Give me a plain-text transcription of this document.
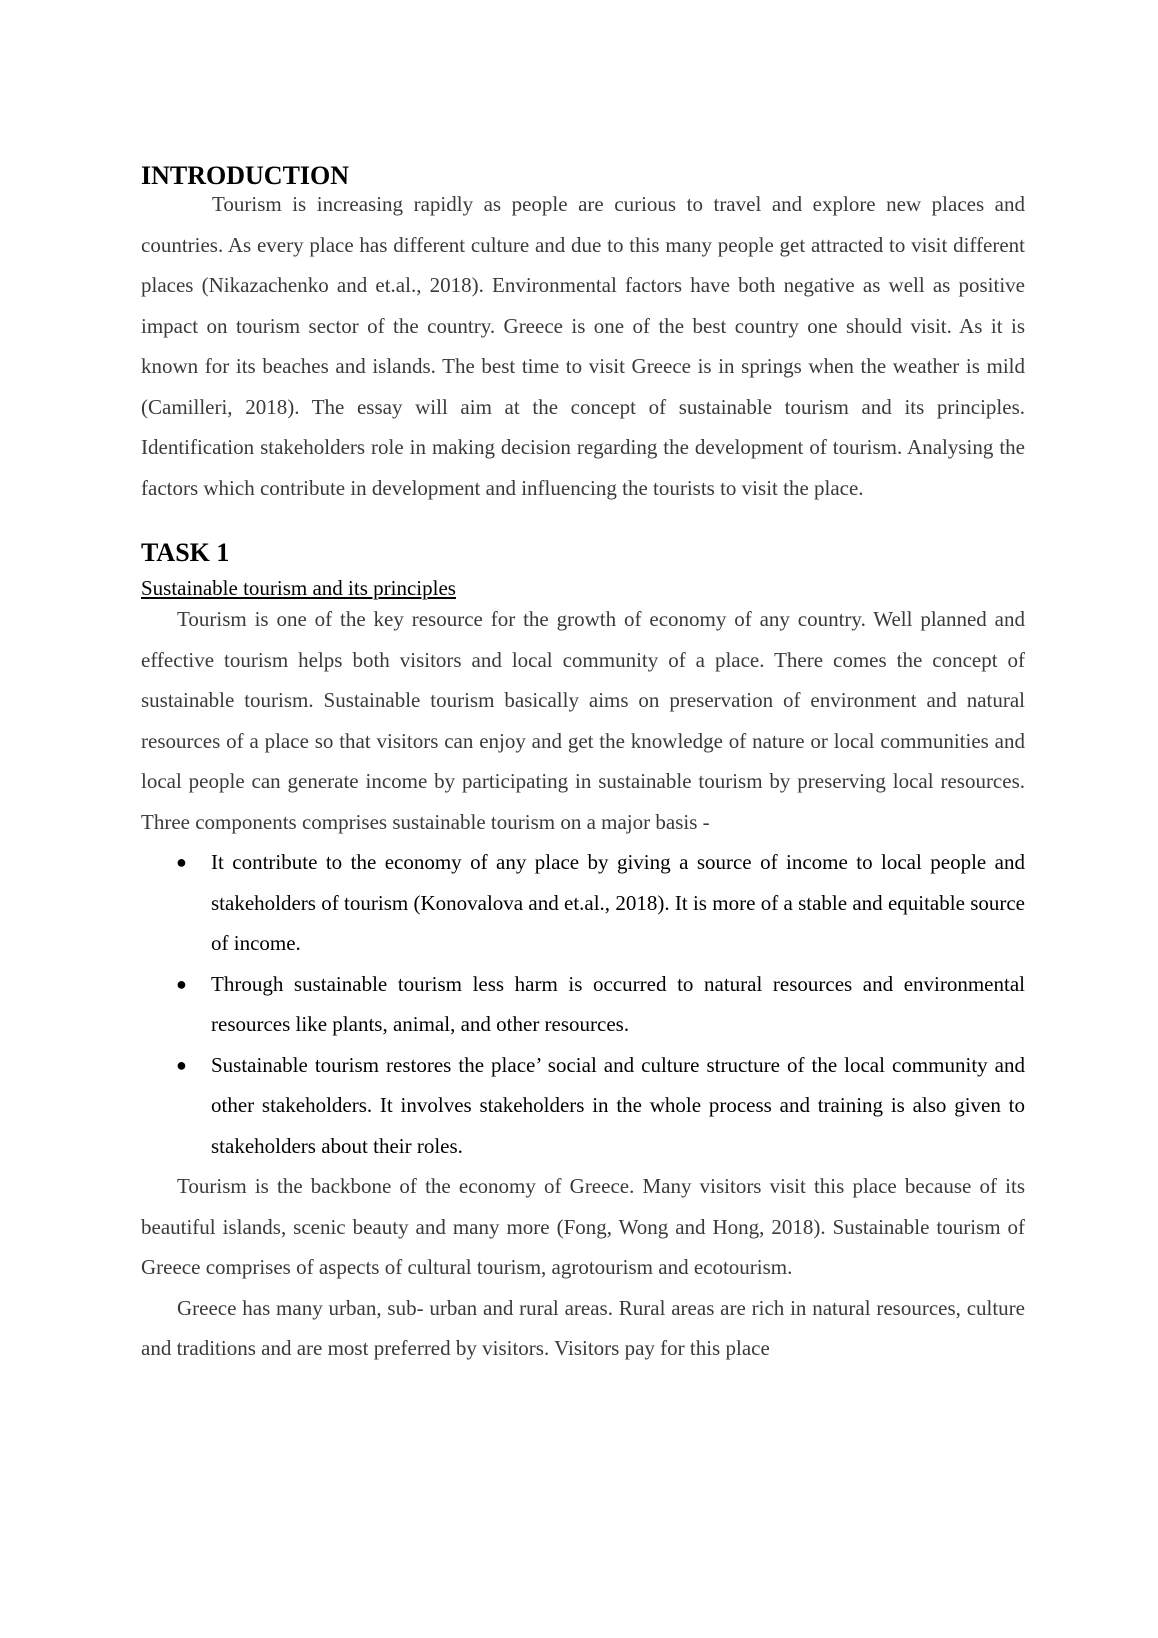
INTRODUCTION

Tourism is increasing rapidly as people are curious to travel and explore new places and countries. As every place has different culture and due to this many people get attracted to visit different places (Nikazachenko and et.al., 2018). Environmental factors have both negative as well as positive impact on tourism sector of the country. Greece is one of the best country one should visit. As it is known for its beaches and islands. The best time to visit Greece is in springs when the weather is mild (Camilleri, 2018). The essay will aim at the concept of sustainable tourism and its principles. Identification stakeholders role in making decision regarding the development of tourism. Analysing the factors which contribute in development and influencing the tourists to visit the place.

TASK 1
Sustainable tourism and its principles

Tourism is one of the key resource for the growth of economy of any country. Well planned and effective tourism helps both visitors and local community of a place. There comes the concept of sustainable tourism. Sustainable tourism basically aims on preservation of environment and natural resources of a place so that visitors can enjoy and get the knowledge of nature or local communities and local people can generate income by participating in sustainable tourism by preserving local resources. Three components comprises sustainable tourism on a major basis -

●	It contribute to the economy of any place by giving a source of income to local people and stakeholders of tourism (Konovalova and et.al., 2018). It is more of a stable and equitable source of income.
●	Through sustainable tourism less harm is occurred to natural resources and environmental resources like plants, animal, and other resources.
●	Sustainable tourism restores the place’ social and culture structure of the local community and other stakeholders. It involves stakeholders in the whole process and training is also given to stakeholders about their roles.

Tourism is the backbone of the economy of Greece. Many visitors visit this place because of its beautiful islands, scenic beauty and many more (Fong, Wong and Hong, 2018). Sustainable tourism of Greece comprises of aspects of cultural tourism, agrotourism and ecotourism.

Greece has many urban, sub- urban and rural areas. Rural areas are rich in natural resources, culture and traditions and are most preferred by visitors. Visitors pay for this place
